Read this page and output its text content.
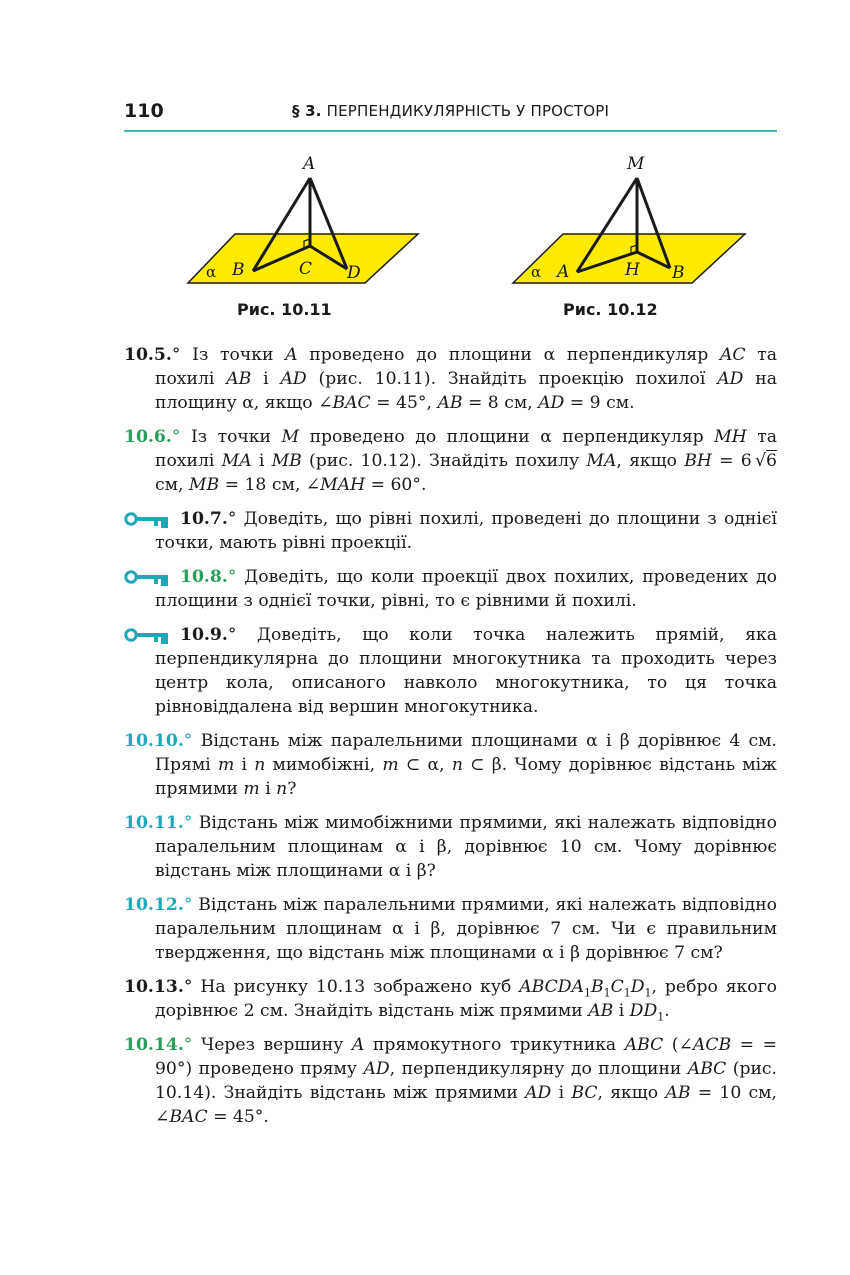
110	§ 3. ПЕРПЕНДИКУЛЯРНІСТЬ У ПРОСТОРІ
A
B	C D
α
Рис. 10.11
M
A	H B
α
Рис. 10.12
10.5.° Із точки A проведено до площини α перпендикуляр AC та похилі AB і AD (рис. 10.11). Знайдіть проекцію похилої AD на площину α, якщо ∠BAC = 45°, AB = 8 см, AD = 9 см.
10.6.° Із точки M проведено до площини α перпендикуляр MH та похилі MA і MB (рис. 10.12). Знайдіть похилу MA, якщо BH = 6 √6 см, MB = 18 см, ∠MAH = 60°.
10.7.° Доведіть, що рівні похилі, проведені до площини з однієї точки, мають рівні проекції.
10.8.° Доведіть, що коли проекції двох похилих, проведених до площини з однієї точки, рівні, то є рівними й похилі.
10.9.° Доведіть, що коли точка належить прямій, яка перпендикулярна до площини многокутника та проходить через центр кола, описаного навколо многокутника, то ця точка рівновіддалена від вершин многокутника.
10.10.° Відстань між паралельними площинами α і β дорівнює 4 см. Прямі m і n мимобіжні, m ⊂ α, n ⊂ β. Чому дорівнює відстань між прямими m і n?
10.11.° Відстань між мимобіжними прямими, які належать відповідно паралельним площинам α і β, дорівнює 10 см. Чому дорівнює відстань між площинами α і β?
10.12.° Відстань між паралельними прямими, які належать відповідно паралельним площинам α і β, дорівнює 7 см. Чи є правильним твердження, що відстань між площинами α і β дорівнює 7 см?
10.13.° На рисунку 10.13 зображено куб $ABCDA_1B_1C_1D_1$, ребро якого дорівнює 2 см. Знайдіть відстань між прямими AB і $DD_1$.
10.14.° Через вершину A прямокутного трикутника ABC (∠ACB = = 90°) проведено пряму AD, перпендикулярну до площини ABC (рис. 10.14). Знайдіть відстань між прямими AD і BC, якщо AB = 10 см, ∠BAC = 45°.
